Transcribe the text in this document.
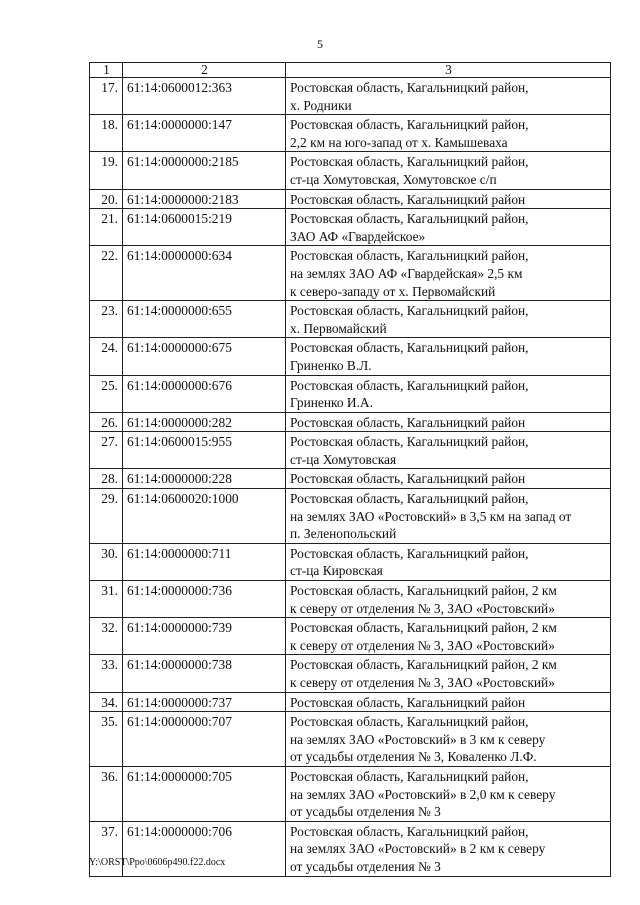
5
1	2	3
17.	61:14:0600012:363	Ростовская область, Кагальницкий район,
х. Родники

18.	61:14:0000000:147	Ростовская область, Кагальницкий район,
2,2 км на юго-запад от х. Камышеваха

19.	61:14:0000000:2185	Ростовская область, Кагальницкий район,
ст-ца Хомутовская, Хомутовское с/п

20.	61:14:0000000:2183	Ростовская область, Кагальницкий район

21.	61:14:0600015:219	Ростовская область, Кагальницкий район,
ЗАО АФ «Гвардейское»

22.	61:14:0000000:634	Ростовская область, Кагальницкий район,
на землях ЗАО АФ «Гвардейская» 2,5 км
к северо-западу от х. Первомайский

23.	61:14:0000000:655	Ростовская область, Кагальницкий район,
х. Первомайский

24.	61:14:0000000:675	Ростовская область, Кагальницкий район,
Гриненко В.Л.

25.	61:14:0000000:676	Ростовская область, Кагальницкий район,
Гриненко И.А.

26.	61:14:0000000:282	Ростовская область, Кагальницкий район

27.	61:14:0600015:955	Ростовская область, Кагальницкий район,
ст-ца Хомутовская

28.	61:14:0000000:228	Ростовская область, Кагальницкий район

29.	61:14:0600020:1000	Ростовская область, Кагальницкий район,
на землях ЗАО «Ростовский» в 3,5 км на запад от
п. Зеленопольский

30.	61:14:0000000:711	Ростовская область, Кагальницкий район,
ст-ца Кировская

31.	61:14:0000000:736	Ростовская область, Кагальницкий район, 2 км
к северу от отделения № 3, ЗАО «Ростовский»

32.	61:14:0000000:739	Ростовская область, Кагальницкий район, 2 км
к северу от отделения № 3, ЗАО «Ростовский»

33.	61:14:0000000:738	Ростовская область, Кагальницкий район, 2 км
к северу от отделения № 3, ЗАО «Ростовский»

34.	61:14:0000000:737	Ростовская область, Кагальницкий район

35.	61:14:0000000:707	Ростовская область, Кагальницкий район,
на землях ЗАО «Ростовский» в 3 км к северу
от усадьбы отделения № 3, Коваленко Л.Ф.

36.	61:14:0000000:705	Ростовская область, Кагальницкий район,
на землях ЗАО «Ростовский» в 2,0 км к северу
от усадьбы отделения № 3

37.	61:14:0000000:706	Ростовская область, Кагальницкий район,
на землях ЗАО «Ростовский» в 2 км к северу
от усадьбы отделения № 3
Y:\ORST\Ppo\0606p490.f22.docx
